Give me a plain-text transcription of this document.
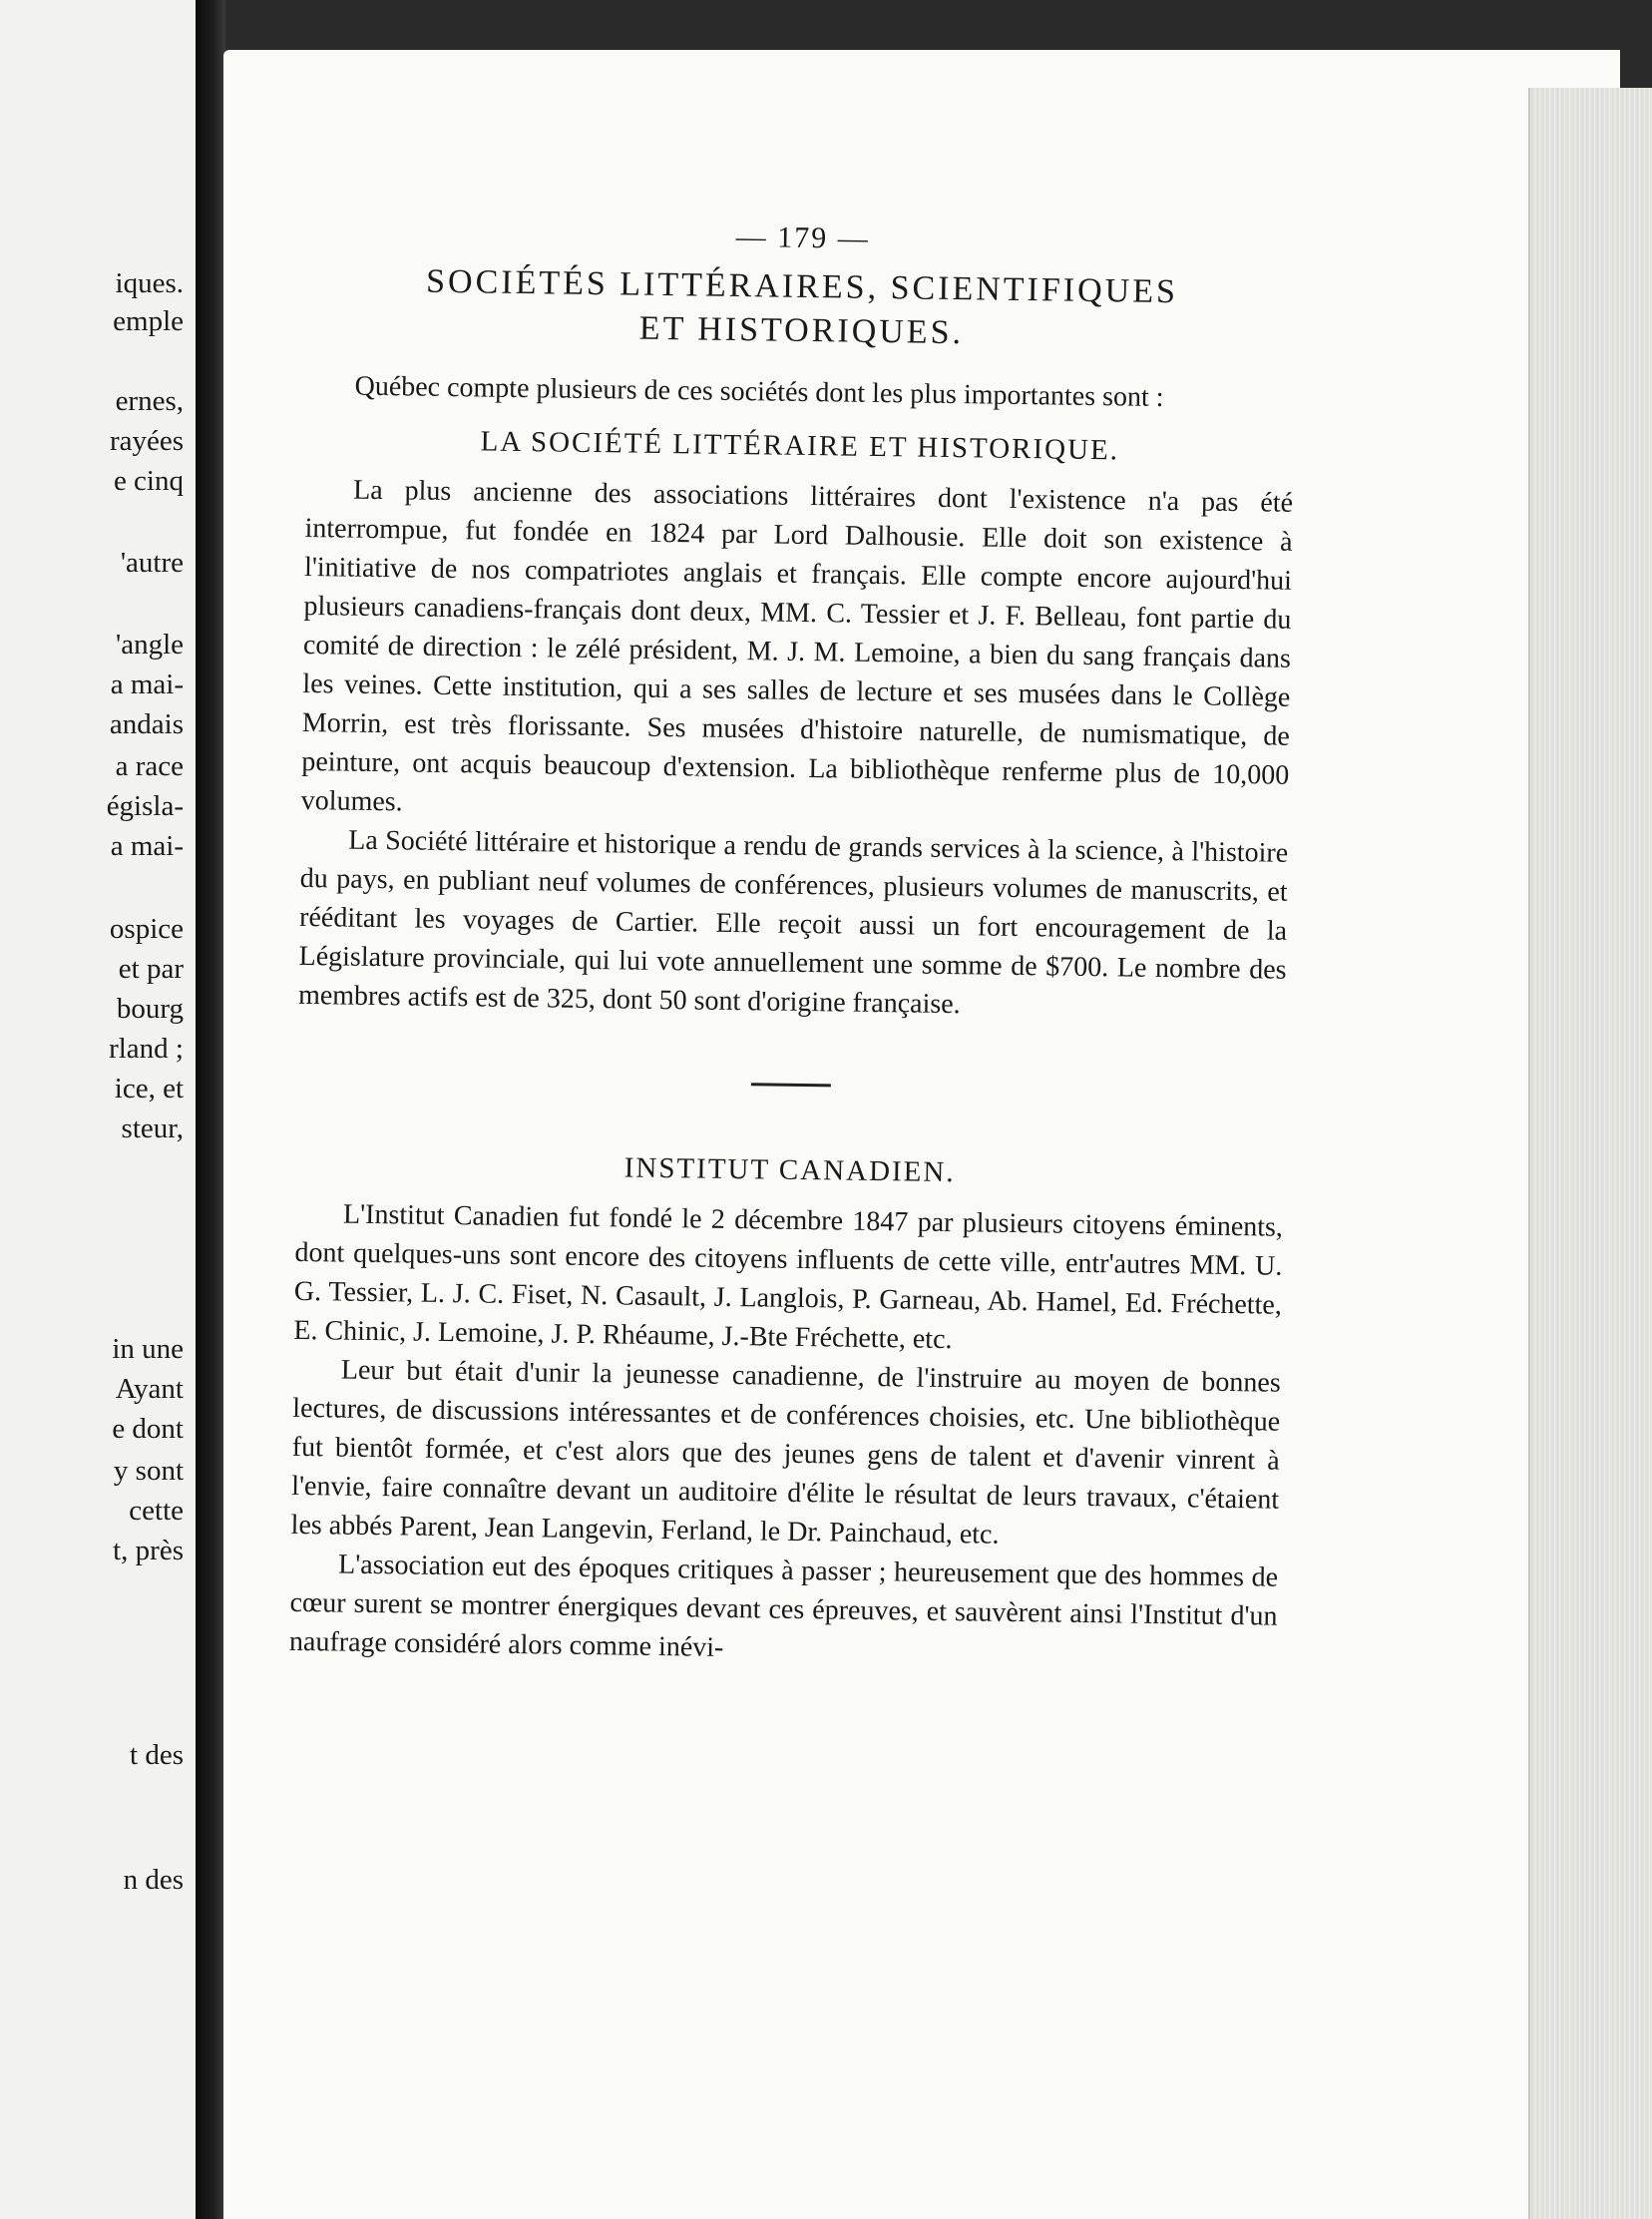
iques.
emple
ernes,
rayées
e cinq
'autre
'angle
a mai-
andais
a race
égisla-
a mai-
ospice
et par
bourg
rland ;
ice, et
steur,
in une
Ayant
e dont
y sont
cette
t, près
t des
n des
— 179 —
SOCIÉTÉS LITTÉRAIRES, SCIENTIFIQUES
ET HISTORIQUES.

Québec compte plusieurs de ces sociétés dont les plus importantes sont :

LA SOCIÉTÉ LITTÉRAIRE ET HISTORIQUE.

La plus ancienne des associations littéraires dont l'existence n'a pas été interrompue, fut fondée en 1824 par Lord Dalhousie. Elle doit son existence à l'initiative de nos compatriotes anglais et français. Elle compte encore aujourd'hui plusieurs canadiens-français dont deux, MM. C. Tessier et J. F. Belleau, font partie du comité de direction : le zélé président, M. J. M. Lemoine, a bien du sang français dans les veines. Cette institution, qui a ses salles de lecture et ses musées dans le Collège Morrin, est très florissante. Ses musées d'histoire naturelle, de numismatique, de peinture, ont acquis beaucoup d'extension. La bibliothèque renferme plus de 10,000 volumes.

La Société littéraire et historique a rendu de grands services à la science, à l'histoire du pays, en publiant neuf volumes de conférences, plusieurs volumes de manuscrits, et rééditant les voyages de Cartier. Elle reçoit aussi un fort encouragement de la Législature provinciale, qui lui vote annuellement une somme de $700. Le nombre des membres actifs est de 325, dont 50 sont d'origine française.

INSTITUT CANADIEN.

L'Institut Canadien fut fondé le 2 décembre 1847 par plusieurs citoyens éminents, dont quelques-uns sont encore des citoyens influents de cette ville, entr'autres MM. U. G. Tessier, L. J. C. Fiset, N. Casault, J. Langlois, P. Garneau, Ab. Hamel, Ed. Fréchette, E. Chinic, J. Lemoine, J. P. Rhéaume, J.-Bte Fréchette, etc.

Leur but était d'unir la jeunesse canadienne, de l'instruire au moyen de bonnes lectures, de discussions intéressantes et de conférences choisies, etc. Une bibliothèque fut bientôt formée, et c'est alors que des jeunes gens de talent et d'avenir vinrent à l'envie, faire connaître devant un auditoire d'élite le résultat de leurs travaux, c'étaient les abbés Parent, Jean Langevin, Ferland, le Dr. Painchaud, etc.

L'association eut des époques critiques à passer ; heureusement que des hommes de cœur surent se montrer énergiques devant ces épreuves, et sauvèrent ainsi l'Institut d'un naufrage considéré alors comme inévi-
